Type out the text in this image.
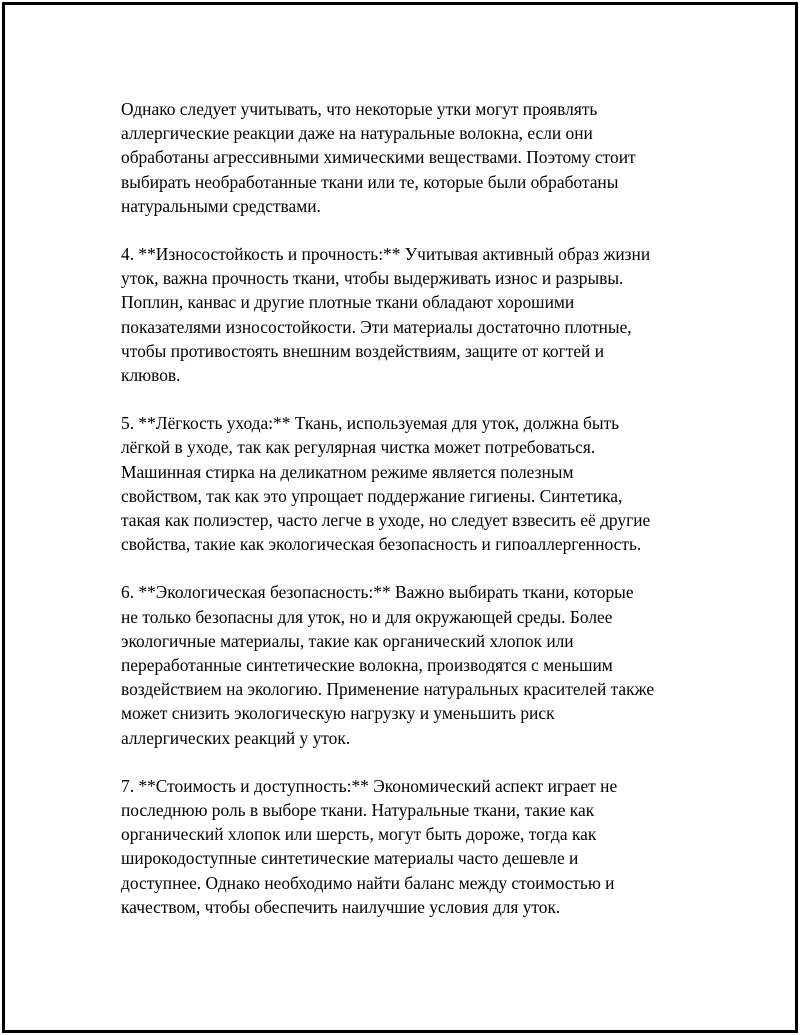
Однако следует учитывать, что некоторые утки могут проявлять
аллергические реакции даже на натуральные волокна, если они
обработаны агрессивными химическими веществами. Поэтому стоит
выбирать необработанные ткани или те, которые были обработаны
натуральными средствами.

4. **Износостойкость и прочность:** Учитывая активный образ жизни
уток, важна прочность ткани, чтобы выдерживать износ и разрывы.
Поплин, канвас и другие плотные ткани обладают хорошими
показателями износостойкости. Эти материалы достаточно плотные,
чтобы противостоять внешним воздействиям, защите от когтей и
клювов.

5. **Лёгкость ухода:** Ткань, используемая для уток, должна быть
лёгкой в уходе, так как регулярная чистка может потребоваться.
Машинная стирка на деликатном режиме является полезным
свойством, так как это упрощает поддержание гигиены. Синтетика,
такая как полиэстер, часто легче в уходе, но следует взвесить её другие
свойства, такие как экологическая безопасность и гипоаллергенность.

6. **Экологическая безопасность:** Важно выбирать ткани, которые
не только безопасны для уток, но и для окружающей среды. Более
экологичные материалы, такие как органический хлопок или
переработанные синтетические волокна, производятся с меньшим
воздействием на экологию. Применение натуральных красителей также
может снизить экологическую нагрузку и уменьшить риск
аллергических реакций у уток.

7. **Стоимость и доступность:** Экономический аспект играет не
последнюю роль в выборе ткани. Натуральные ткани, такие как
органический хлопок или шерсть, могут быть дороже, тогда как
широкодоступные синтетические материалы часто дешевле и
доступнее. Однако необходимо найти баланс между стоимостью и
качеством, чтобы обеспечить наилучшие условия для уток.
